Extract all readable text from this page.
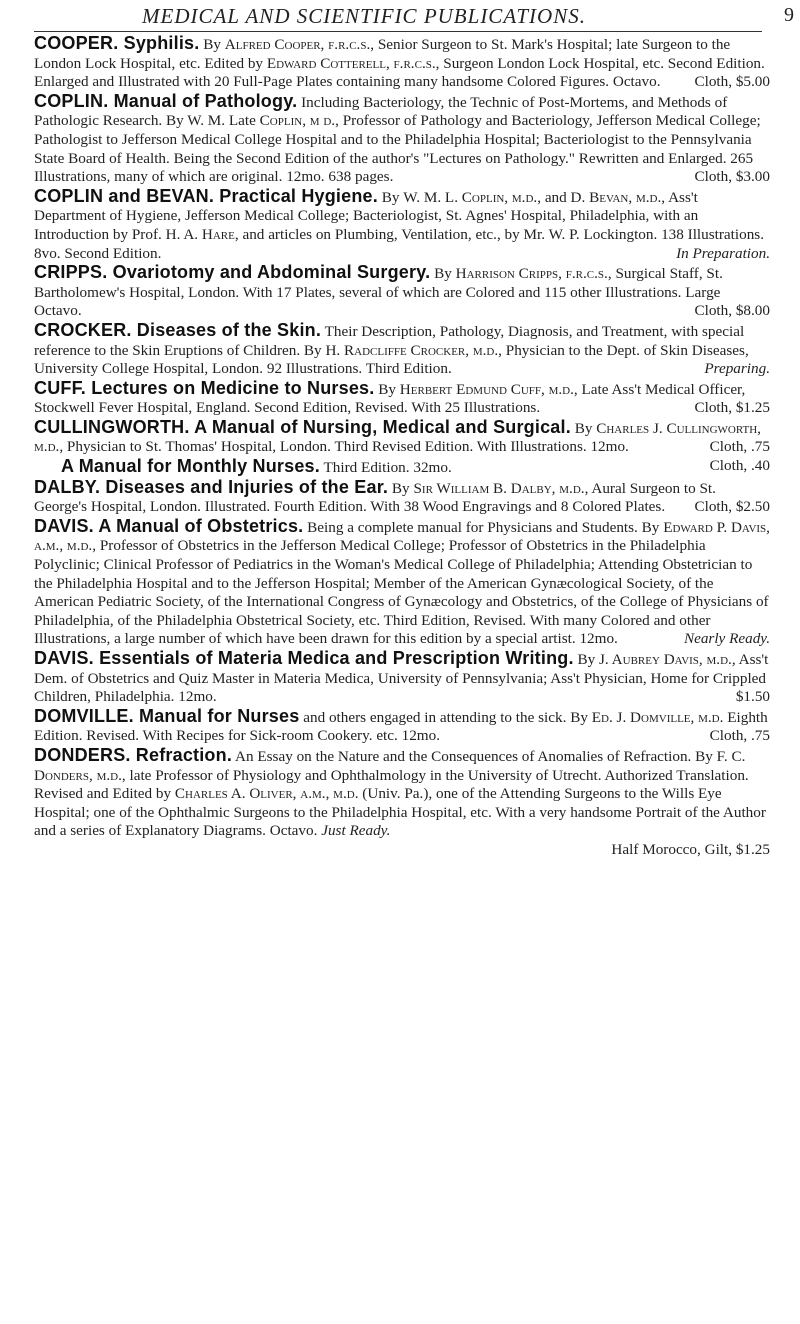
MEDICAL AND SCIENTIFIC PUBLICATIONS.	9
COOPER. Syphilis. By Alfred Cooper, f.r.c.s., Senior Surgeon to St. Mark's Hospital; late Surgeon to the London Lock Hospital, etc. Edited by Edward Cotterell, f.r.c.s., Surgeon London Lock Hospital, etc. Second Edition. Enlarged and Illustrated with 20 Full-Page Plates containing many handsome Colored Figures. Octavo. Cloth, $5.00
COPLIN. Manual of Pathology. Including Bacteriology, the Technic of Post-Mortems, and Methods of Pathologic Research. By W. M. Late Coplin, m d., Professor of Pathology and Bacteriology, Jefferson Medical College; Pathologist to Jefferson Medical College Hospital and to the Philadelphia Hospital; Bacteriologist to the Pennsylvania State Board of Health. Being the Second Edition of the author's "Lectures on Pathology." Rewritten and Enlarged. 265 Illustrations, many of which are original. 12mo. 638 pages.	Cloth, $3.00
COPLIN and BEVAN. Practical Hygiene. By W. M. L. Coplin, m.d., and D. Bevan, m.d., Ass't Department of Hygiene, Jefferson Medical College; Bacteriologist, St. Agnes' Hospital, Philadelphia, with an Introduction by Prof. H. A. Hare, and articles on Plumbing, Ventilation, etc., by Mr. W. P. Lockington. 138 Illustrations. 8vo. Second Edition.	In Preparation.
CRIPPS. Ovariotomy and Abdominal Surgery. By Harrison Cripps, f.r.c.s., Surgical Staff, St. Bartholomew's Hospital, London. With 17 Plates, several of which are Colored and 115 other Illustrations. Large Octavo.	Cloth, $8.00
CROCKER. Diseases of the Skin. Their Description, Pathology, Diagnosis, and Treatment, with special reference to the Skin Eruptions of Children. By H. Radcliffe Crocker, m.d., Physician to the Dept. of Skin Diseases, University College Hospital, London. 92 Illustrations. Third Edition.	Preparing.
CUFF. Lectures on Medicine to Nurses. By Herbert Edmund Cuff, m.d., Late Ass't Medical Officer, Stockwell Fever Hospital, England. Second Edition, Revised. With 25 Illustrations.	Cloth, $1.25
CULLINGWORTH. A Manual of Nursing, Medical and Surgical. By Charles J. Cullingworth, m.d., Physician to St. Thomas' Hospital, London. Third Revised Edition. With Illustrations. 12mo.	Cloth, .75
A Manual for Monthly Nurses. Third Edition. 32mo.	Cloth, .40
DALBY. Diseases and Injuries of the Ear. By Sir William B. Dalby, m.d., Aural Surgeon to St. George's Hospital, London. Illustrated. Fourth Edition. With 38 Wood Engravings and 8 Colored Plates. Cloth, $2.50
DAVIS. A Manual of Obstetrics. Being a complete manual for Physicians and Students. By Edward P. Davis, a.m., m.d., Professor of Obstetrics in the Jefferson Medical College; Professor of Obstetrics in the Philadelphia Polyclinic; Clinical Professor of Pediatrics in the Woman's Medical College of Philadelphia; Attending Obstetrician to the Philadelphia Hospital and to the Jefferson Hospital; Member of the American Gynæcological Society, of the American Pediatric Society, of the International Congress of Gynæcology and Obstetrics, of the College of Physicians of Philadelphia, of the Philadelphia Obstetrical Society, etc. Third Edition, Revised. With many Colored and other Illustrations, a large number of which have been drawn for this edition by a special artist. 12mo.	Nearly Ready.
DAVIS. Essentials of Materia Medica and Prescription Writing. By J. Aubrey Davis, m.d., Ass't Dem. of Obstetrics and Quiz Master in Materia Medica, University of Pennsylvania; Ass't Physician, Home for Crippled Children, Philadelphia. 12mo.	$1.50
DOMVILLE. Manual for Nurses and others engaged in attending to the sick. By Ed. J. Domville, m.d. Eighth Edition. Revised. With Recipes for Sick-room Cookery. etc. 12mo.	Cloth, .75
DONDERS. Refraction. An Essay on the Nature and the Consequences of Anomalies of Refraction. By F. C. Donders, m.d., late Professor of Physiology and Ophthalmology in the University of Utrecht. Authorized Translation. Revised and Edited by Charles A. Oliver, a.m., m.d. (Univ. Pa.), one of the Attending Surgeons to the Wills Eye Hospital; one of the Ophthalmic Surgeons to the Philadelphia Hospital, etc. With a very handsome Portrait of the Author and a series of Explanatory Diagrams. Octavo. Just Ready.
Half Morocco, Gilt, $1.25
